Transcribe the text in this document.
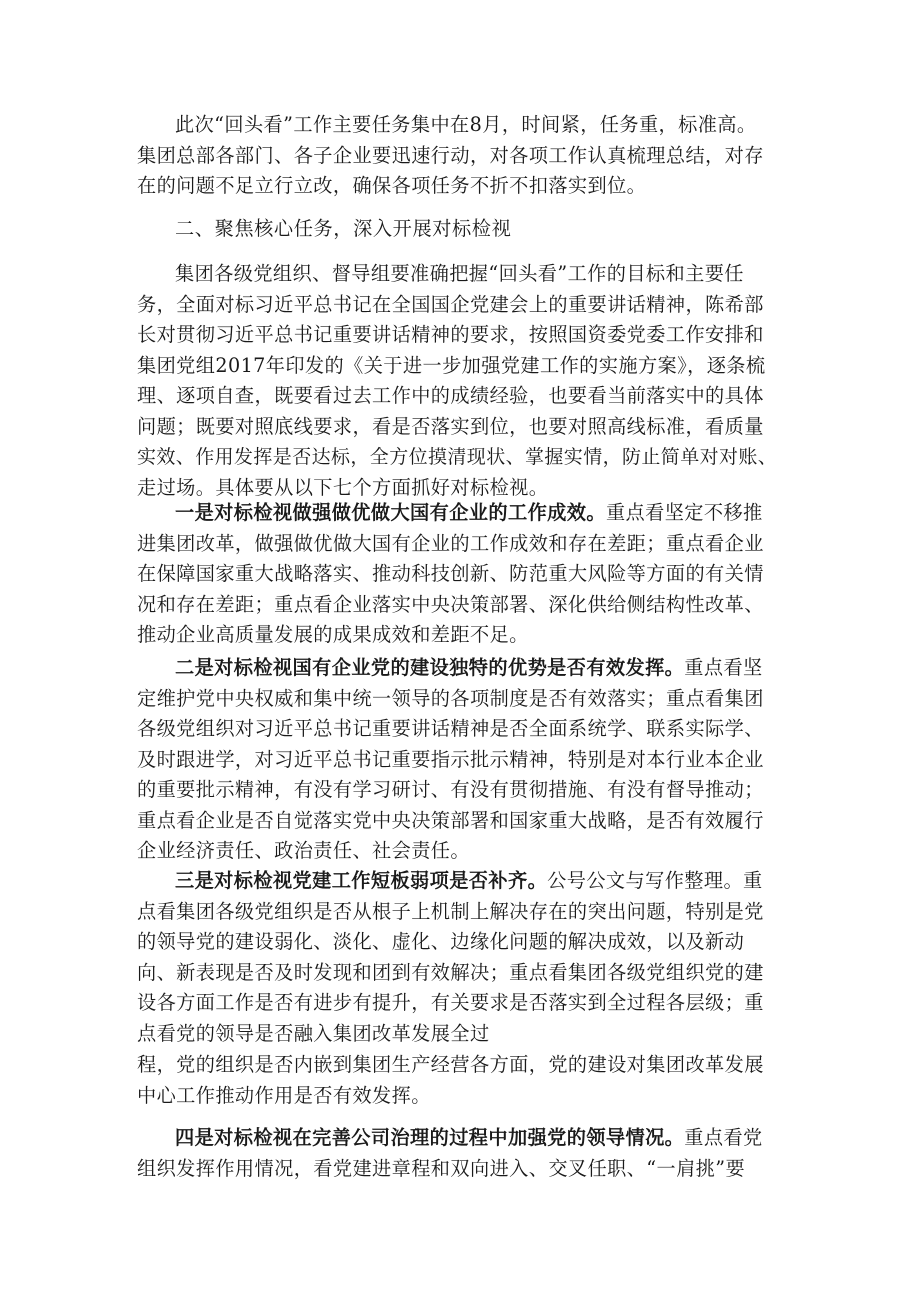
此次“回头看”工作主要任务集中在8月，时间紧，任务重，标准高。
集团总部各部门、各子企业要迅速行动，对各项工作认真梳理总结，对存
在的问题不足立行立改，确保各项任务不折不扣落实到位。
二、聚焦核心任务，深入开展对标检视
集团各级党组织、督导组要准确把握“回头看”工作的目标和主要任
务，全面对标习近平总书记在全国国企党建会上的重要讲话精神，陈希部
长对贯彻习近平总书记重要讲话精神的要求，按照国资委党委工作安排和
集团党组2017年印发的《关于进一步加强党建工作的实施方案》，逐条梳
理、逐项自查，既要看过去工作中的成绩经验，也要看当前落实中的具体
问题；既要对照底线要求，看是否落实到位，也要对照高线标准，看质量
实效、作用发挥是否达标，全方位摸清现状、掌握实情，防止简单对对账、
走过场。具体要从以下七个方面抓好对标检视。
一是对标检视做强做优做大国有企业的工作成效。重点看坚定不移推
进集团改革，做强做优做大国有企业的工作成效和存在差距；重点看企业
在保障国家重大战略落实、推动科技创新、防范重大风险等方面的有关情
况和存在差距；重点看企业落实中央决策部署、深化供给侧结构性改革、
推动企业高质量发展的成果成效和差距不足。
二是对标检视国有企业党的建设独特的优势是否有效发挥。重点看坚
定维护党中央权威和集中统一领导的各项制度是否有效落实；重点看集团
各级党组织对习近平总书记重要讲话精神是否全面系统学、联系实际学、
及时跟进学，对习近平总书记重要指示批示精神，特别是对本行业本企业
的重要批示精神，有没有学习研讨、有没有贯彻措施、有没有督导推动；
重点看企业是否自觉落实党中央决策部署和国家重大战略，是否有效履行
企业经济责任、政治责任、社会责任。
三是对标检视党建工作短板弱项是否补齐。公号公文与写作整理。重
点看集团各级党组织是否从根子上机制上解决存在的突出问题，特别是党
的领导党的建设弱化、淡化、虚化、边缘化问题的解决成效，以及新动
向、新表现是否及时发现和团到有效解决；重点看集团各级党组织党的建
设各方面工作是否有进步有提升，有关要求是否落实到全过程各层级；重
点看党的领导是否融入集团改革发展全过
程，党的组织是否内嵌到集团生产经营各方面，党的建设对集团改革发展
中心工作推动作用是否有效发挥。
四是对标检视在完善公司治理的过程中加强党的领导情况。重点看党
组织发挥作用情况，看党建进章程和双向进入、交叉任职、“一肩挑”要
